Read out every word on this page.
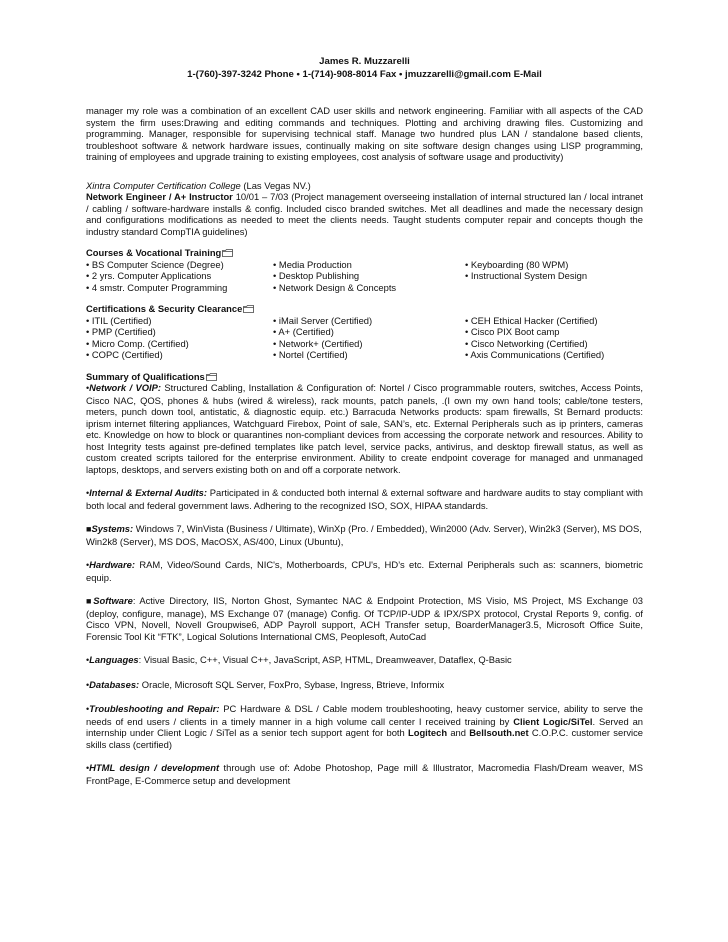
James R. Muzzarelli
1-(760)-397-3242 Phone • 1-(714)-908-8014 Fax • jmuzzarelli@gmail.com E-Mail

manager my role was a combination of an excellent CAD user skills and network engineering. Familiar with all aspects of the CAD system the firm uses:Drawing and editing commands and techniques. Plotting and archiving drawing files. Customizing and programming. Manager, responsible for supervising technical staff. Manage two hundred plus LAN / standalone based clients, troubleshoot software & network hardware issues, continually making on site software design changes using LISP programming, training of employees and upgrade training to existing employees, cost analysis of software usage and productivity)

Xintra Computer Certification College (Las Vegas NV.)
Network Engineer / A+ Instructor 10/01 – 7/03 (Project management overseeing installation of internal structured lan / local intranet / cabling / software-hardware installs & config. Included cisco branded switches. Met all deadlines and made the necessary design and configurations modifications as needed to meet the clients needs. Taught students computer repair and concepts though the industry standard CompTIA guidelines)

Courses & Vocational Training
• BS Computer Science (Degree)	• Media Production	• Keyboarding (80 WPM)
• 2 yrs. Computer Applications	• Desktop Publishing	• Instructional System Design
• 4 smstr. Computer Programming	• Network Design & Concepts
Certifications & Security Clearance
• ITIL (Certified)	• iMail Server (Certified)	• CEH Ethical Hacker (Certified)
• PMP (Certified)	• A+ (Certified)	• Cisco PIX Boot camp
• Micro Comp. (Certified)	• Network+ (Certified)	• Cisco Networking (Certified)
• COPC (Certified)	• Nortel (Certified)	• Axis Communications (Certified)
Summary of Qualifications

•Network / VOIP: Structured Cabling, Installation & Configuration of: Nortel / Cisco programmable routers, switches, Access Points, Cisco NAC, QOS, phones & hubs (wired & wireless), rack mounts, patch panels, .(I own my own hand tools; cable/tone testers, meters, punch down tool, antistatic, & diagnostic equip. etc.) Barracuda Networks products: spam firewalls, St Bernard products: iprism internet filtering appliances, Watchguard Firebox, Point of sale, SAN’s, etc. External Peripherals such as ip printers, cameras etc. Knowledge on how to block or quarantines non-compliant devices from accessing the corporate network and resources. Ability to host Integrity tests against pre-defined templates like patch level, service packs, antivirus, and desktop firewall status, as well as custom created scripts tailored for the enterprise environment. Ability to create endpoint coverage for managed and unmanaged laptops, desktops, and servers existing both on and off a corporate network.

•Internal & External Audits: Participated in & conducted both internal & external software and hardware audits to stay compliant with both local and federal government laws. Adhering to the recognized ISO, SOX, HIPAA standards.

■Systems: Windows 7, WinVista (Business / Ultimate), WinXp (Pro. / Embedded), Win2000 (Adv. Server), Win2k3 (Server), MS DOS, Win2k8 (Server), MS DOS, MacOSX, AS/400, Linux (Ubuntu),

•Hardware: RAM, Video/Sound Cards, NIC's, Motherboards, CPU's, HD’s etc. External Peripherals such as: scanners, biometric equip.

■Software: Active Directory, IIS, Norton Ghost, Symantec NAC & Endpoint Protection, MS Visio, MS Project, MS Exchange 03 (deploy, configure, manage), MS Exchange 07 (manage) Config. Of TCP/IP-UDP & IPX/SPX protocol, Crystal Reports 9, config. of Cisco VPN, Novell, Novell Groupwise6, ADP Payroll support, ACH Transfer setup, BoarderManager3.5, Microsoft Office Suite, Forensic Tool Kit “FTK”, Logical Solutions International CMS, Peoplesoft, AutoCad

•Languages: Visual Basic, C++, Visual C++, JavaScript, ASP, HTML, Dreamweaver, Dataflex, Q-Basic

•Databases: Oracle, Microsoft SQL Server, FoxPro, Sybase, Ingress, Btrieve, Informix

•Troubleshooting and Repair: PC Hardware & DSL / Cable modem troubleshooting, heavy customer service, ability to serve the needs of end users / clients in a timely manner in a high volume call center I received training by Client Logic/SiTel. Served an internship under Client Logic / SiTel as a senior tech support agent for both Logitech and Bellsouth.net C.O.P.C. customer service skills class (certified)

•HTML design / development through use of: Adobe Photoshop, Page mill & Illustrator, Macromedia Flash/Dream weaver, MS FrontPage, E-Commerce setup and development
